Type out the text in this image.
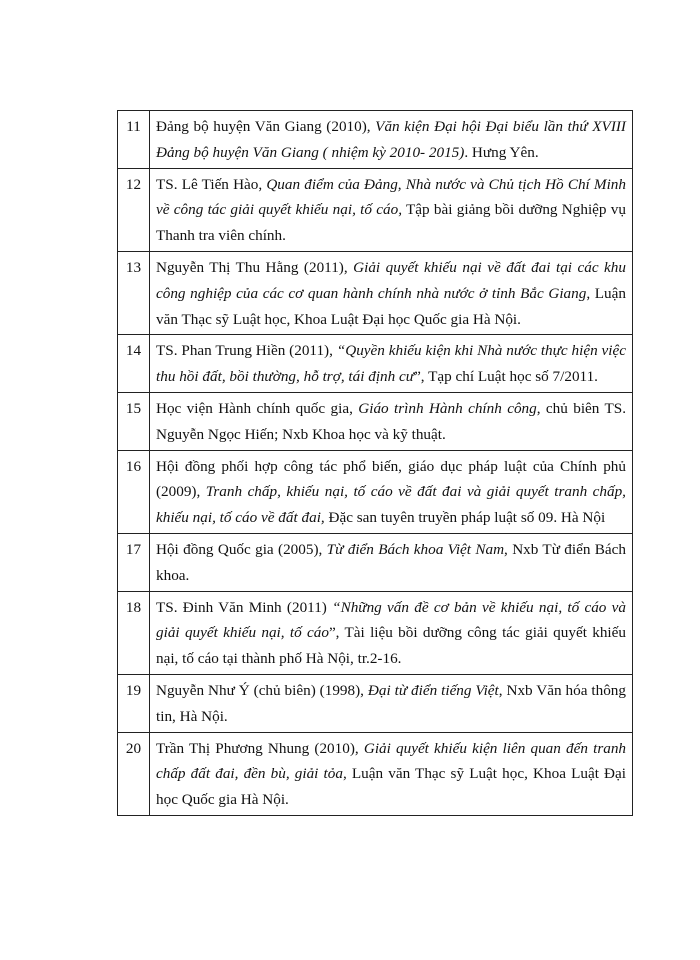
11	Đảng bộ huyện Văn Giang (2010), Văn kiện Đại hội Đại biểu lần thứ XVIII Đảng bộ huyện Văn Giang ( nhiệm kỳ 2010- 2015). Hưng Yên.
12	TS. Lê Tiến Hào, Quan điểm của Đảng, Nhà nước và Chủ tịch Hồ Chí Minh về công tác giải quyết khiếu nại, tố cáo, Tập bài giảng bồi dưỡng Nghiệp vụ Thanh tra viên chính.
13	Nguyễn Thị Thu Hằng (2011), Giải quyết khiếu nại về đất đai tại các khu công nghiệp của các cơ quan hành chính nhà nước ở tỉnh Bắc Giang, Luận văn Thạc sỹ Luật học, Khoa Luật Đại học Quốc gia Hà Nội.
14	TS. Phan Trung Hiền (2011), “Quyền khiếu kiện khi Nhà nước thực hiện việc thu hồi đất, bồi thường, hỗ trợ, tái định cư”, Tạp chí Luật học số 7/2011.
15	Học viện Hành chính quốc gia, Giáo trình Hành chính công, chủ biên TS. Nguyễn Ngọc Hiến; Nxb Khoa học và kỹ thuật.
16	Hội đồng phối hợp công tác phổ biến, giáo dục pháp luật của Chính phủ (2009), Tranh chấp, khiếu nại, tố cáo về đất đai và giải quyết tranh chấp, khiếu nại, tố cáo về đất đai, Đặc san tuyên truyền pháp luật số 09. Hà Nội
17	Hội đồng Quốc gia (2005), Từ điển Bách khoa Việt Nam, Nxb Từ điển Bách khoa.
18	TS. Đinh Văn Minh (2011) “Những vấn đề cơ bản về khiếu nại, tố cáo và giải quyết khiếu nại, tố cáo”, Tài liệu bồi dưỡng công tác giải quyết khiếu nại, tố cáo tại thành phố Hà Nội, tr.2-16.
19	Nguyễn Như Ý (chủ biên) (1998), Đại từ điển tiếng Việt, Nxb Văn hóa thông tin, Hà Nội.
20	Trần Thị Phương Nhung (2010), Giải quyết khiếu kiện liên quan đến tranh chấp đất đai, đền bù, giải tỏa, Luận văn Thạc sỹ Luật học, Khoa Luật Đại học Quốc gia Hà Nội.
